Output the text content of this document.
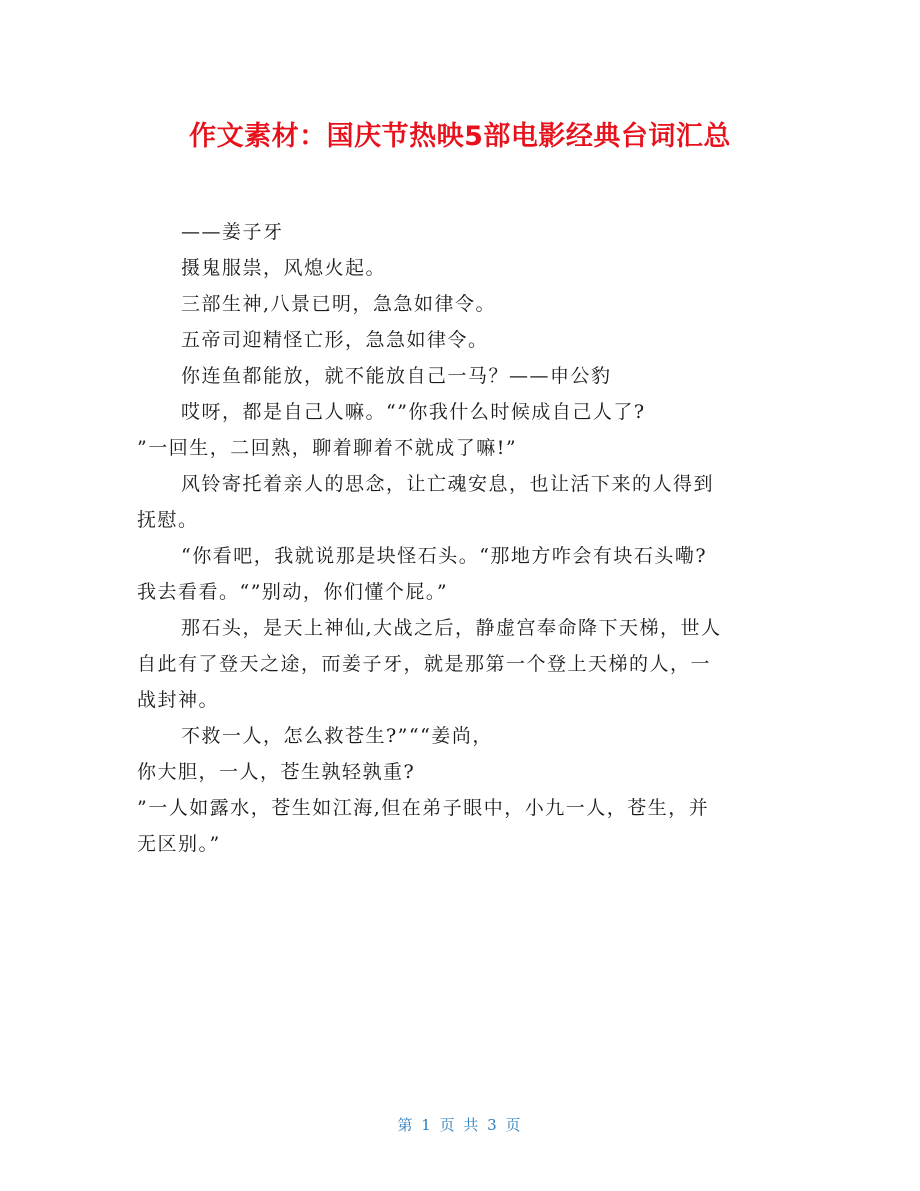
作文素材：国庆节热映5部电影经典台词汇总
——姜子牙
摄鬼服祟，风熄火起。
三部生神,八景已明，急急如律令。
五帝司迎精怪亡形，急急如律令。
你连鱼都能放，就不能放自己一马？——申公豹
哎呀，都是自己人嘛。“”你我什么时候成自己人了?
”一回生，二回熟，聊着聊着不就成了嘛!”
风铃寄托着亲人的思念，让亡魂安息，也让活下来的人得到
抚慰。
“你看吧，我就说那是块怪石头。“那地方咋会有块石头嘞?
我去看看。“”别动，你们懂个屁。”
那石头，是天上神仙,大战之后，静虚宫奉命降下天梯，世人
自此有了登天之途，而姜子牙，就是那第一个登上天梯的人，一
战封神。
不救一人，怎么救苍生?”““姜尚，
你大胆，一人，苍生孰轻孰重?
”一人如露水，苍生如江海,但在弟子眼中，小九一人，苍生，并
无区别。”
第 1 页 共 3 页
